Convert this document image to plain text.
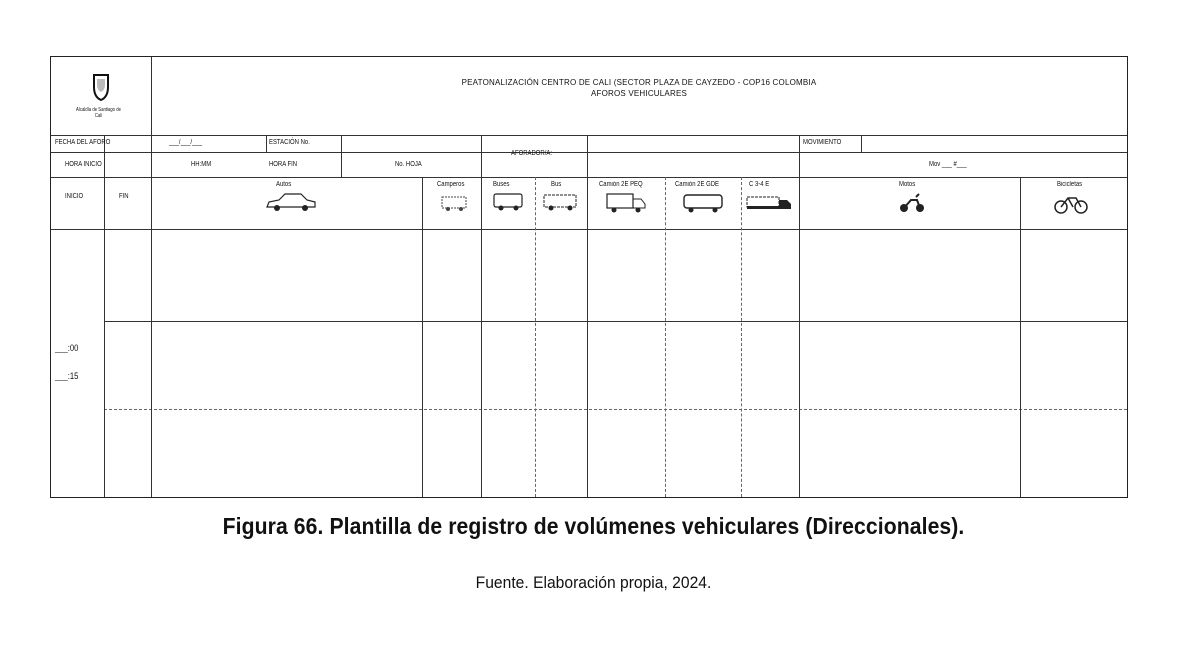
Alcaldía de Santiago de Cali
PEATONALIZACIÓN CENTRO DE CALI (SECTOR PLAZA DE CAYZEDO - COP16 COLOMBIA
AFOROS VEHICULARES
FECHA DEL AFORO	___/___/___	ESTACIÓN No.
AFORADOR/A:
MOVIMIENTO
HORA INICIO	HH:MM	HORA FIN	No. HOJA	Mov ___ #___
INICIO	FIN
Autos	Camperos	Buses	Bus	Camión 2E PEQ	Camión 2E GDE	C 3-4 E	Motos	Bicicletas
___:00
___:15
Figura 66. Plantilla de registro de volúmenes vehiculares (Direccionales).
Fuente. Elaboración propia, 2024.
